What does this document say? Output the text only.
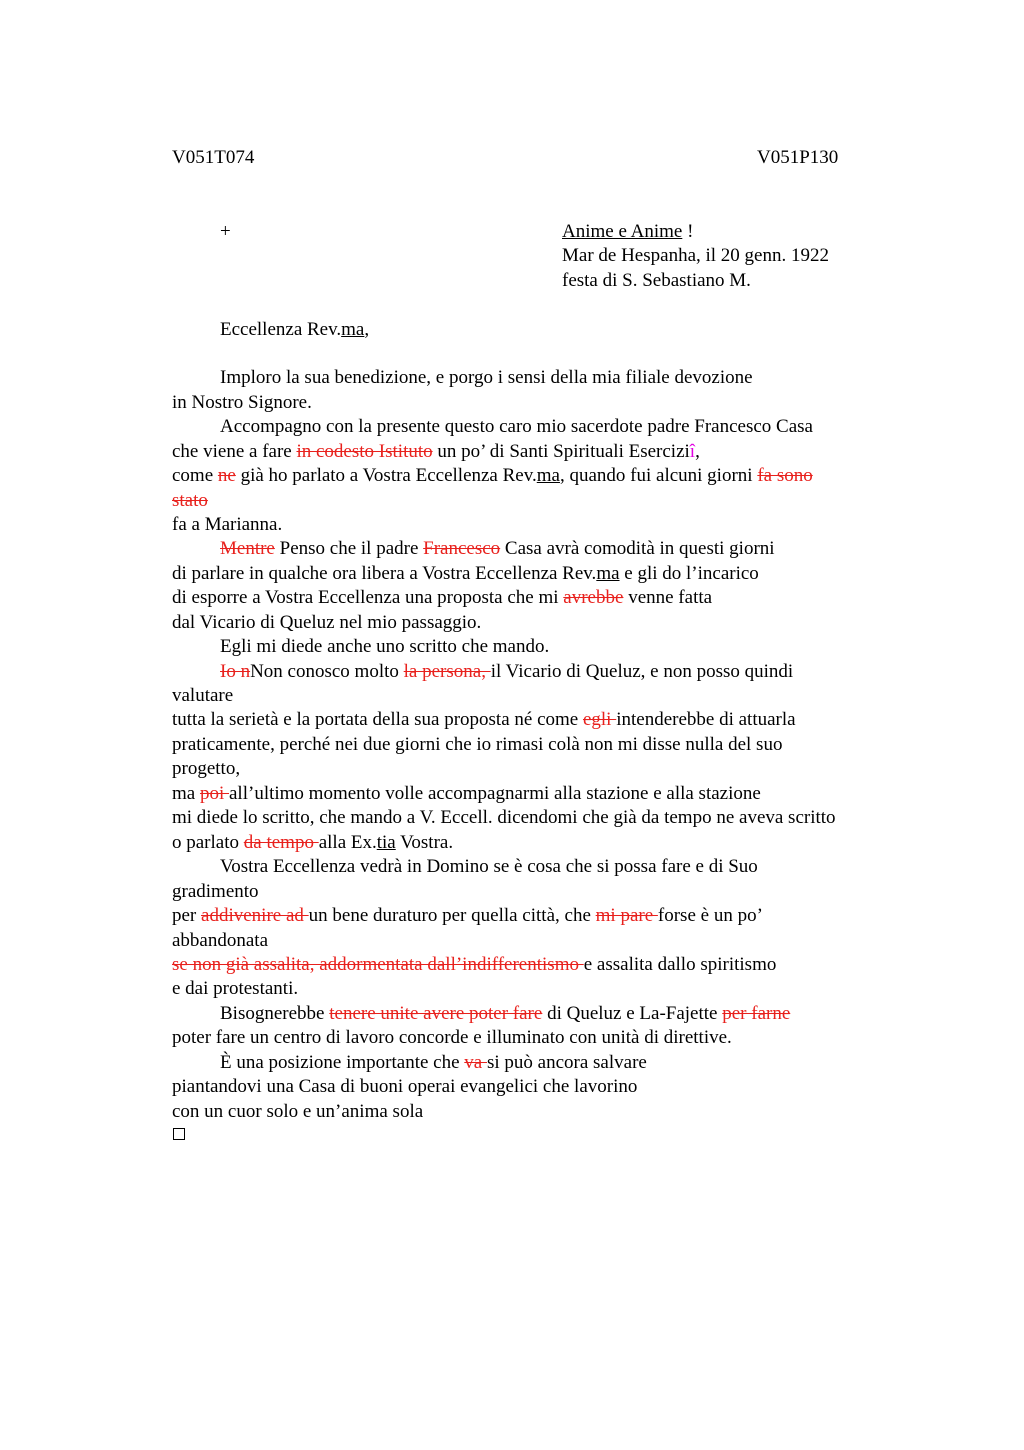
V051T074	V051P130
+	Anime e Anime !
Mar de Hespanha, il 20 genn. 1922
festa di S. Sebastiano M.
Eccellenza Rev.ma,
Imploro la sua benedizione, e porgo i sensi della mia filiale devozione
in Nostro Signore.
Accompagno con la presente questo caro mio sacerdote padre Francesco Casa
che viene a fare in codesto Istituto un po’ di Santi Spirituali Eserciziî,
come ne già ho parlato a Vostra Eccellenza Rev.ma, quando fui alcuni giorni fa sono
stato
fa a Marianna.
Mentre Penso che il padre Francesco Casa avrà comodità in questi giorni
di parlare in qualche ora libera a Vostra Eccellenza Rev.ma e gli do l’incarico
di esporre a Vostra Eccellenza una proposta che mi avrebbe venne fatta
dal Vicario di Queluz nel mio passaggio.
Egli mi diede anche uno scritto che mando.
Io nNon conosco molto la persona, il Vicario di Queluz, e non posso quindi
valutare
tutta la serietà e la portata della sua proposta né come egli intenderebbe di attuarla
praticamente, perché nei due giorni che io rimasi colà non mi disse nulla del suo
progetto,
ma poi all’ultimo momento volle accompagnarmi alla stazione e alla stazione
mi diede lo scritto, che mando a V. Eccell. dicendomi che già da tempo ne aveva scritto
o parlato da tempo alla Ex.tia Vostra.
Vostra Eccellenza vedrà in Domino se è cosa che si possa fare e di Suo
gradimento
per addivenire ad un bene duraturo per quella città, che mi pare forse è un po’
abbandonata
se non già assalita, addormentata dall’indifferentismo e assalita dallo spiritismo
e dai protestanti.
Bisognerebbe tenere unite avere poter fare di Queluz e La-Fajette per farne
poter fare un centro di lavoro concorde e illuminato con unità di direttive.
È una posizione importante che va si può ancora salvare
piantandovi una Casa di buoni operai evangelici che lavorino
con un cuor solo e un’anima sola
